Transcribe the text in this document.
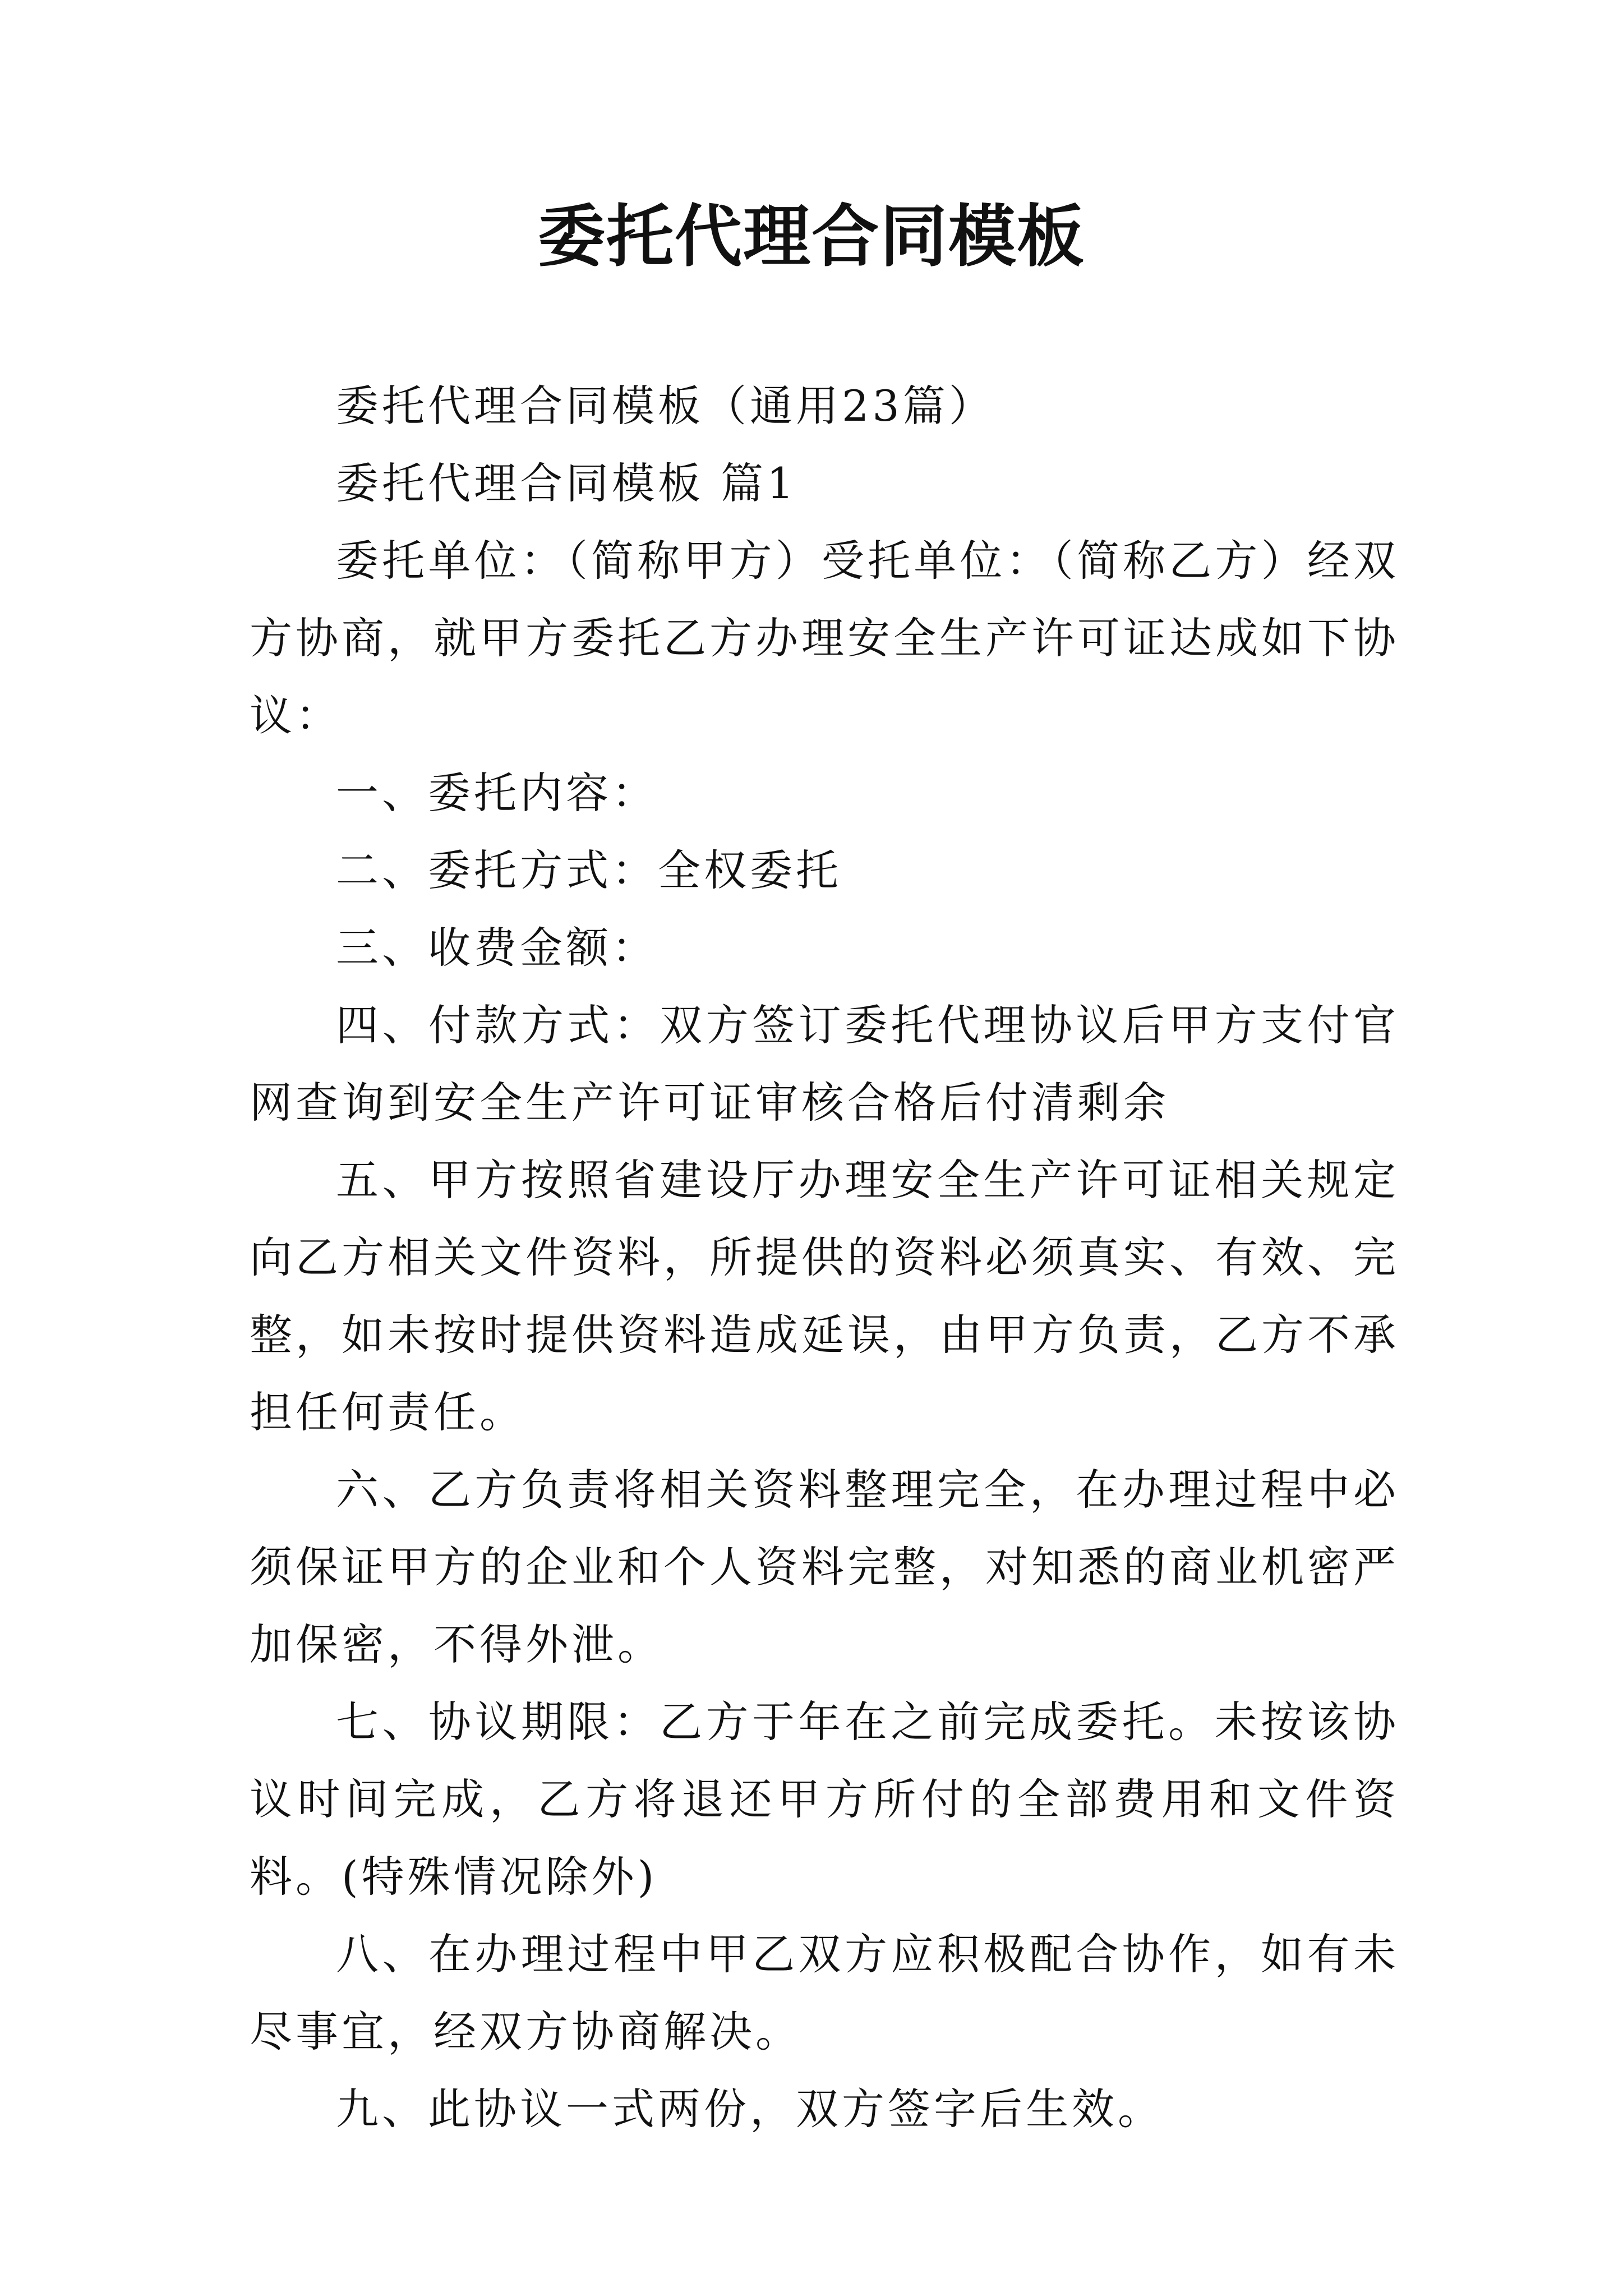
委托代理合同模板

委托代理合同模板（通用23篇）

委托代理合同模板 篇1

委托单位：（简称甲方）受托单位：（简称乙方）经双方协商，就甲方委托乙方办理安全生产许可证达成如下协议：

一、委托内容：

二、委托方式：全权委托

三、收费金额：

四、付款方式：双方签订委托代理协议后甲方支付官网查询到安全生产许可证审核合格后付清剩余

五、甲方按照省建设厅办理安全生产许可证相关规定向乙方相关文件资料，所提供的资料必须真实、有效、完整，如未按时提供资料造成延误，由甲方负责，乙方不承担任何责任。

六、乙方负责将相关资料整理完全，在办理过程中必须保证甲方的企业和个人资料完整，对知悉的商业机密严加保密，不得外泄。

七、协议期限：乙方于年在之前完成委托。未按该协议时间完成，乙方将退还甲方所付的全部费用和文件资料。(特殊情况除外)

八、在办理过程中甲乙双方应积极配合协作，如有未尽事宜，经双方协商解决。

九、此协议一式两份，双方签字后生效。
